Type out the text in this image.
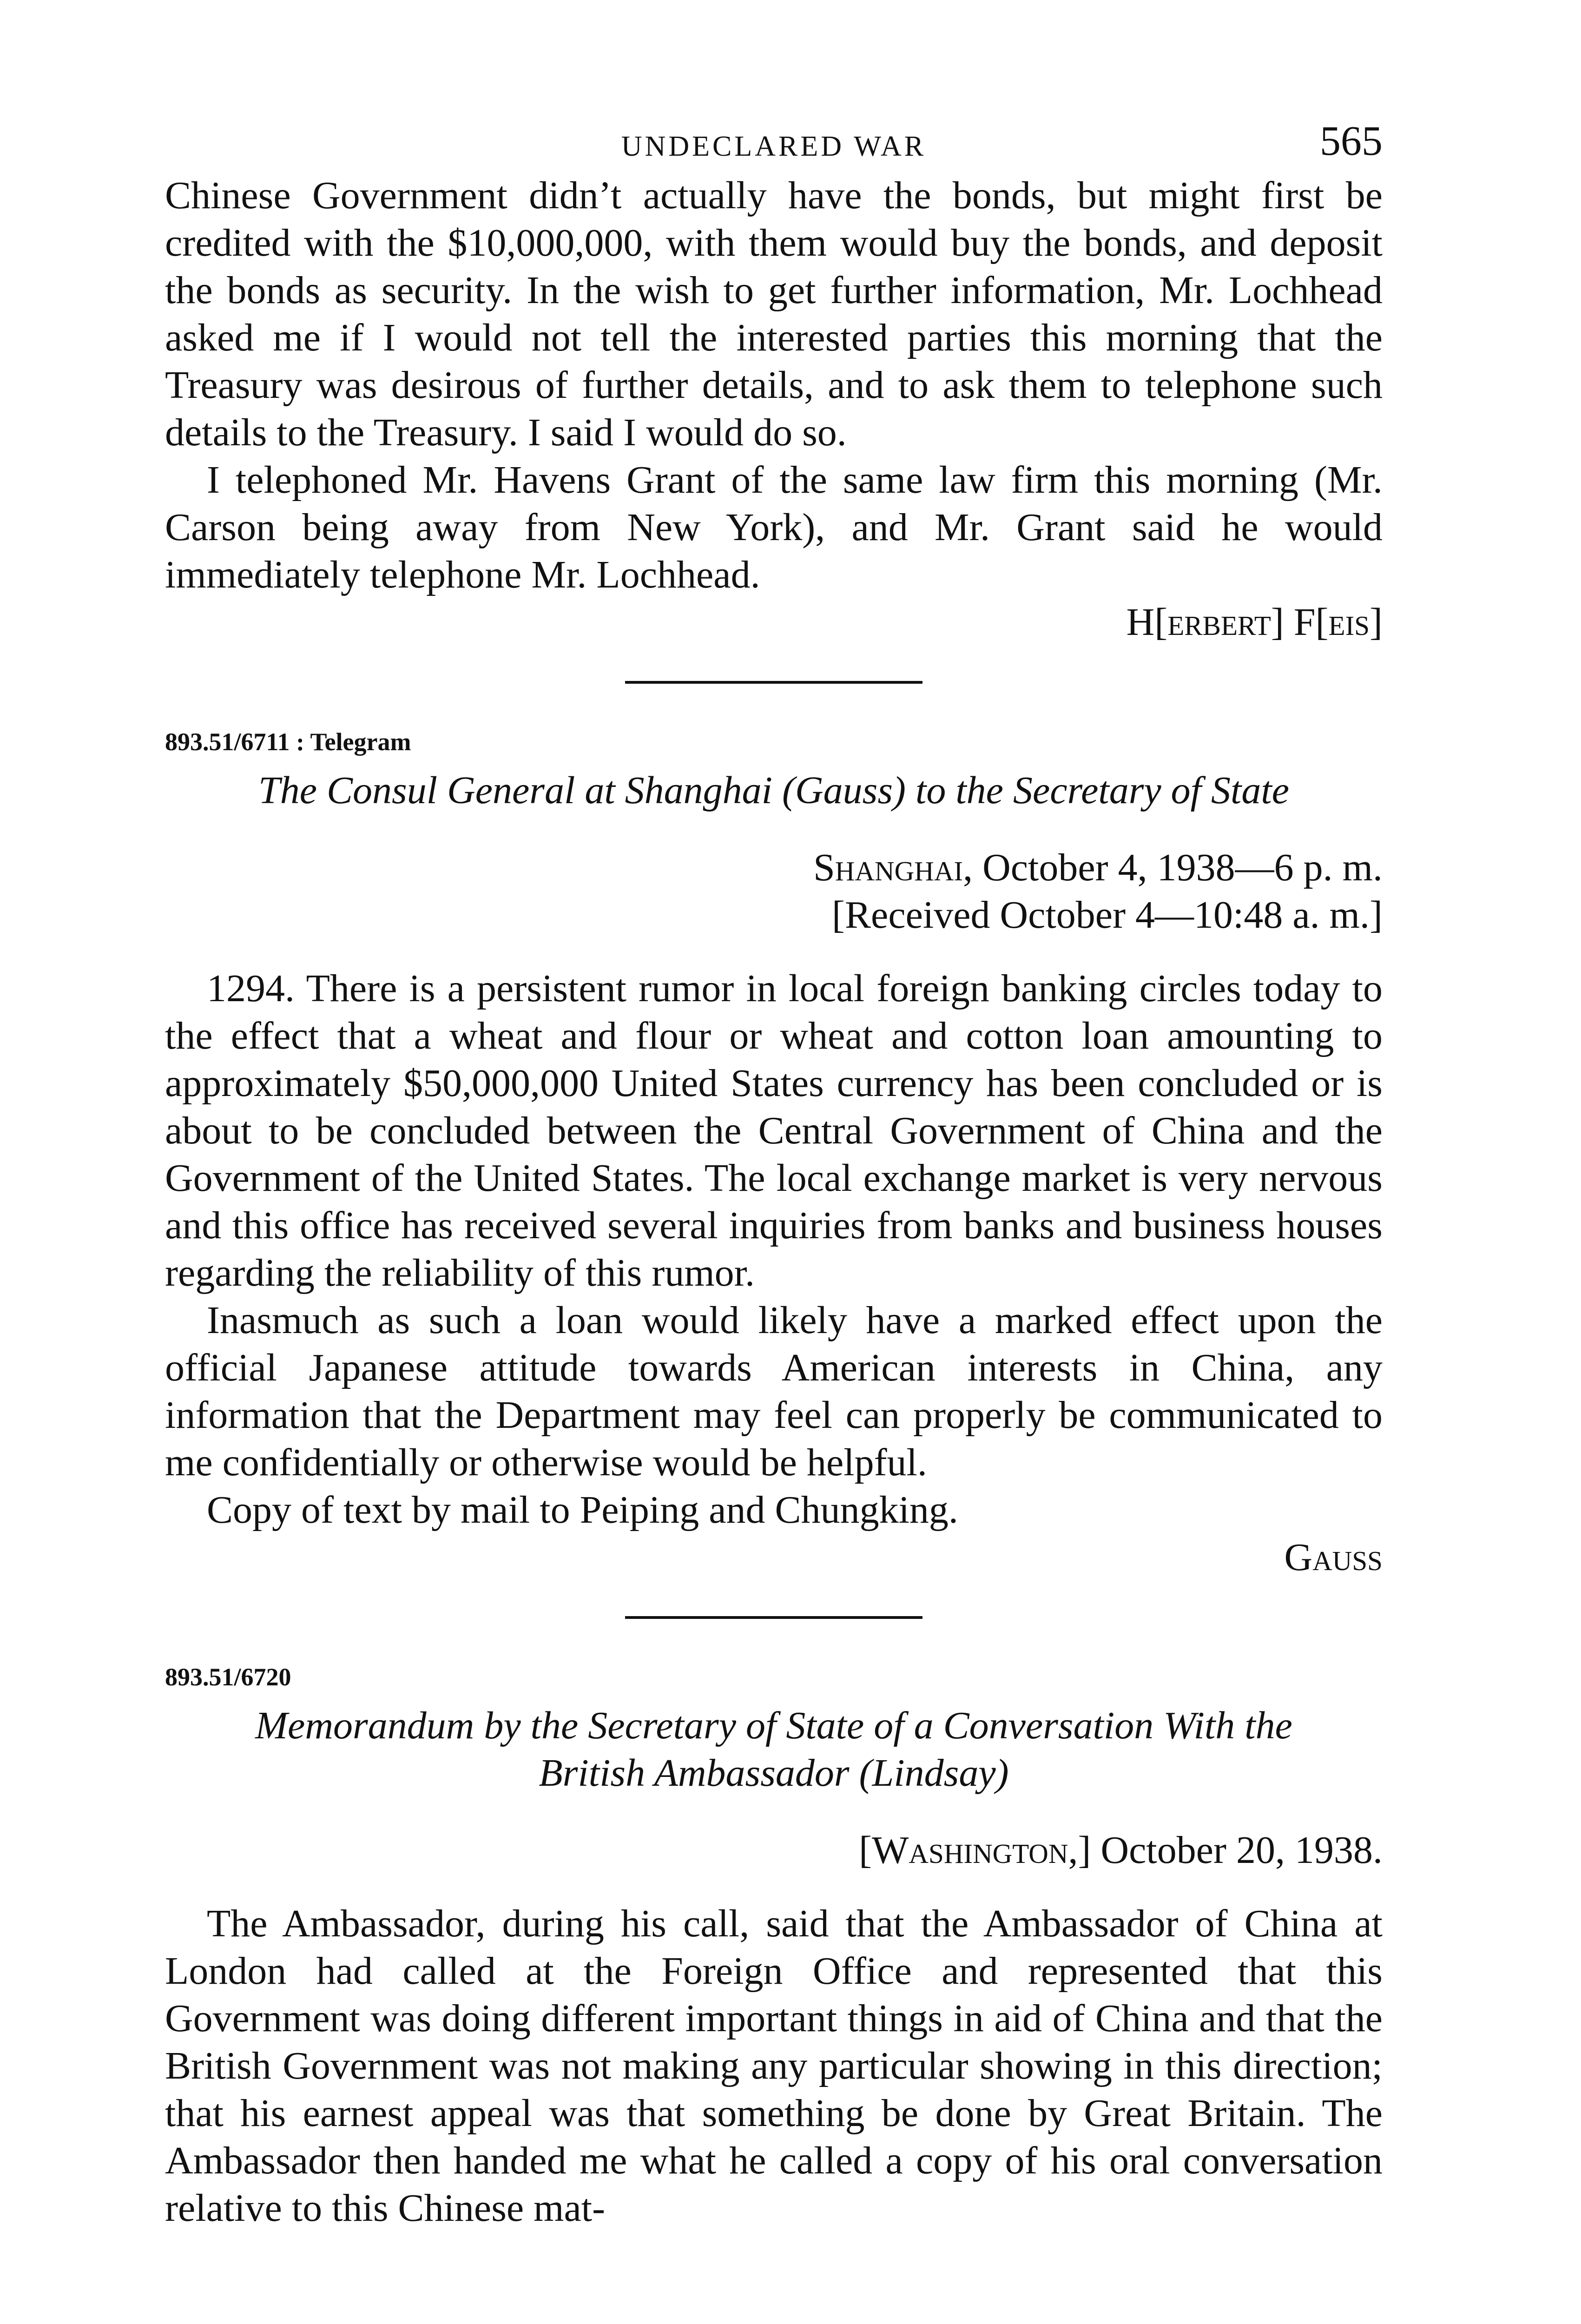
UNDECLARED WAR	565

Chinese Government didn’t actually have the bonds, but might first be credited with the $10,000,000, with them would buy the bonds, and deposit the bonds as security. In the wish to get further information, Mr. Lochhead asked me if I would not tell the interested parties this morning that the Treasury was desirous of further details, and to ask them to telephone such details to the Treasury. I said I would do so.

I telephoned Mr. Havens Grant of the same law firm this morning (Mr. Carson being away from New York), and Mr. Grant said he would immediately telephone Mr. Lochhead.

H[erbert] F[eis]
893.51/6711 : Telegram
The Consul General at Shanghai (Gauss) to the Secretary of State
Shanghai, October 4, 1938—6 p. m.
[Received October 4—10:48 a. m.]

1294. There is a persistent rumor in local foreign banking circles today to the effect that a wheat and flour or wheat and cotton loan amounting to approximately $50,000,000 United States currency has been concluded or is about to be concluded between the Central Government of China and the Government of the United States. The local exchange market is very nervous and this office has received several inquiries from banks and business houses regarding the reliability of this rumor.

Inasmuch as such a loan would likely have a marked effect upon the official Japanese attitude towards American interests in China, any information that the Department may feel can properly be communicated to me confidentially or otherwise would be helpful.

Copy of text by mail to Peiping and Chungking.

Gauss
893.51/6720
Memorandum by the Secretary of State of a Conversation With the
British Ambassador (Lindsay)
[Washington,] October 20, 1938.

The Ambassador, during his call, said that the Ambassador of China at London had called at the Foreign Office and represented that this Government was doing different important things in aid of China and that the British Government was not making any particular showing in this direction; that his earnest appeal was that something be done by Great Britain. The Ambassador then handed me what he called a copy of his oral conversation relative to this Chinese mat-
